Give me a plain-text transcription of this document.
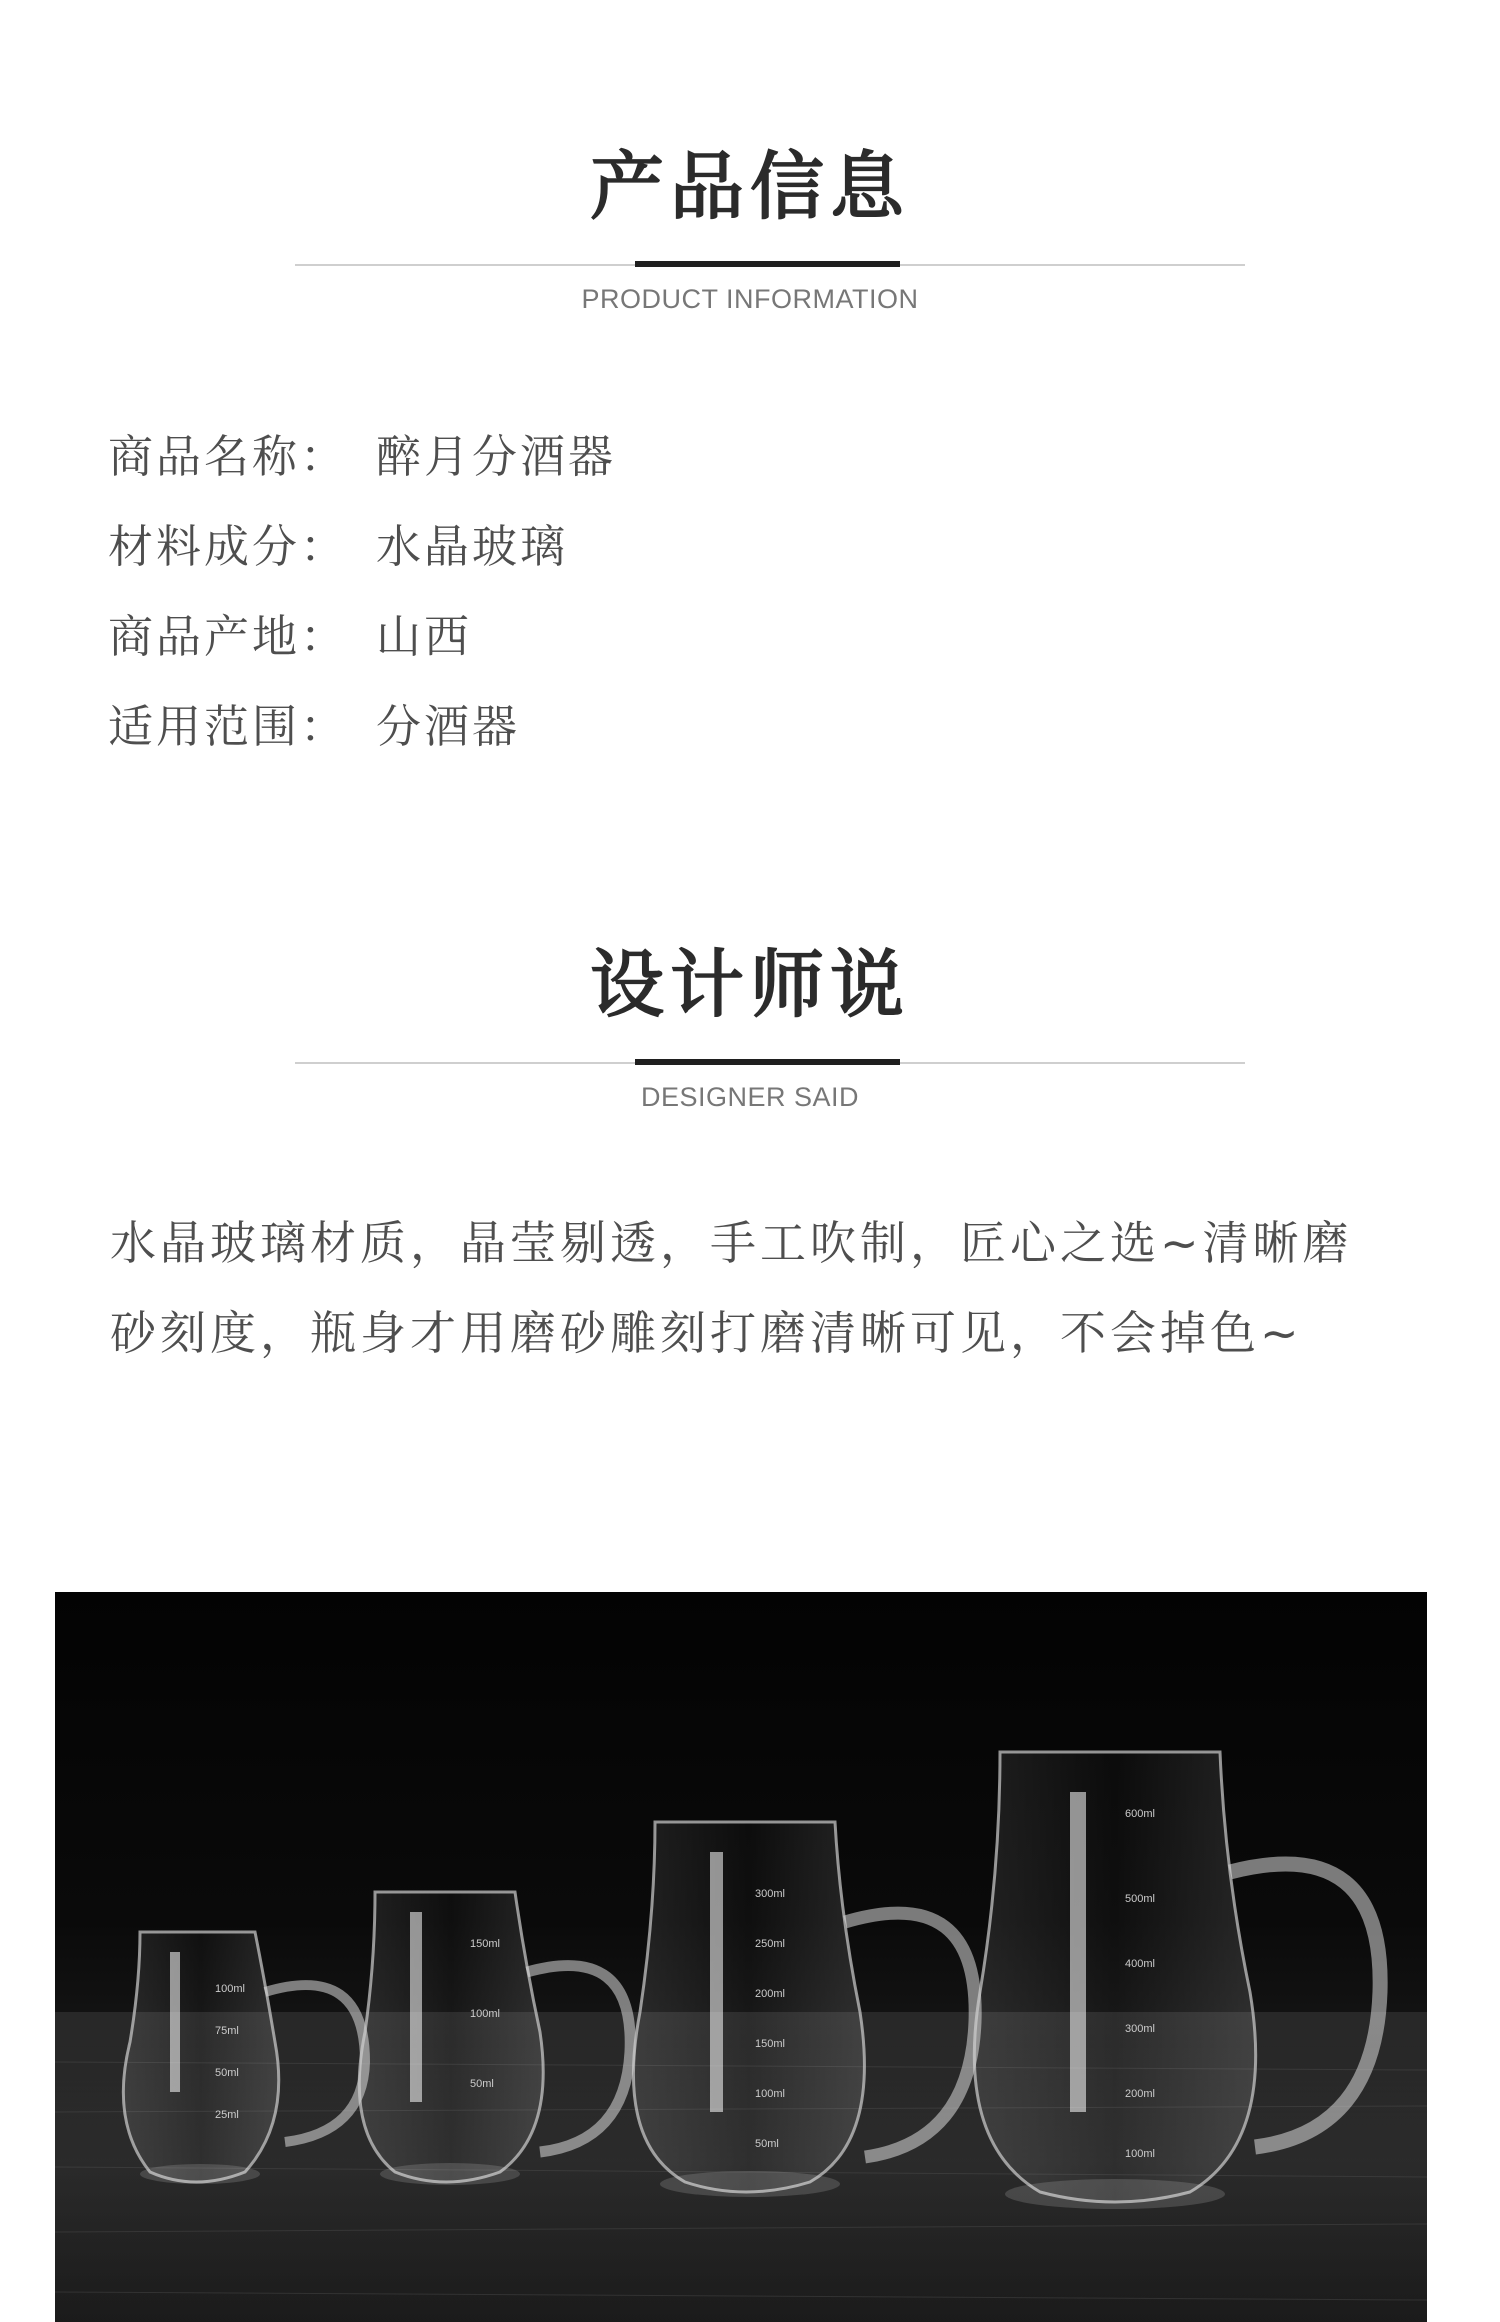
产品信息
PRODUCT INFORMATION
商品名称： 醉月分酒器
材料成分： 水晶玻璃
商品产地： 山西
适用范围： 分酒器
设计师说
DESIGNER SAID
水晶玻璃材质，晶莹剔透，手工吹制，匠心之选~清晰磨
砂刻度，瓶身才用磨砂雕刻打磨清晰可见，不会掉色~
100ml
75ml
50ml
25ml
150ml
100ml
50ml
300ml
250ml
200ml
150ml
100ml
50ml
600ml
500ml
400ml
300ml
200ml
100ml
